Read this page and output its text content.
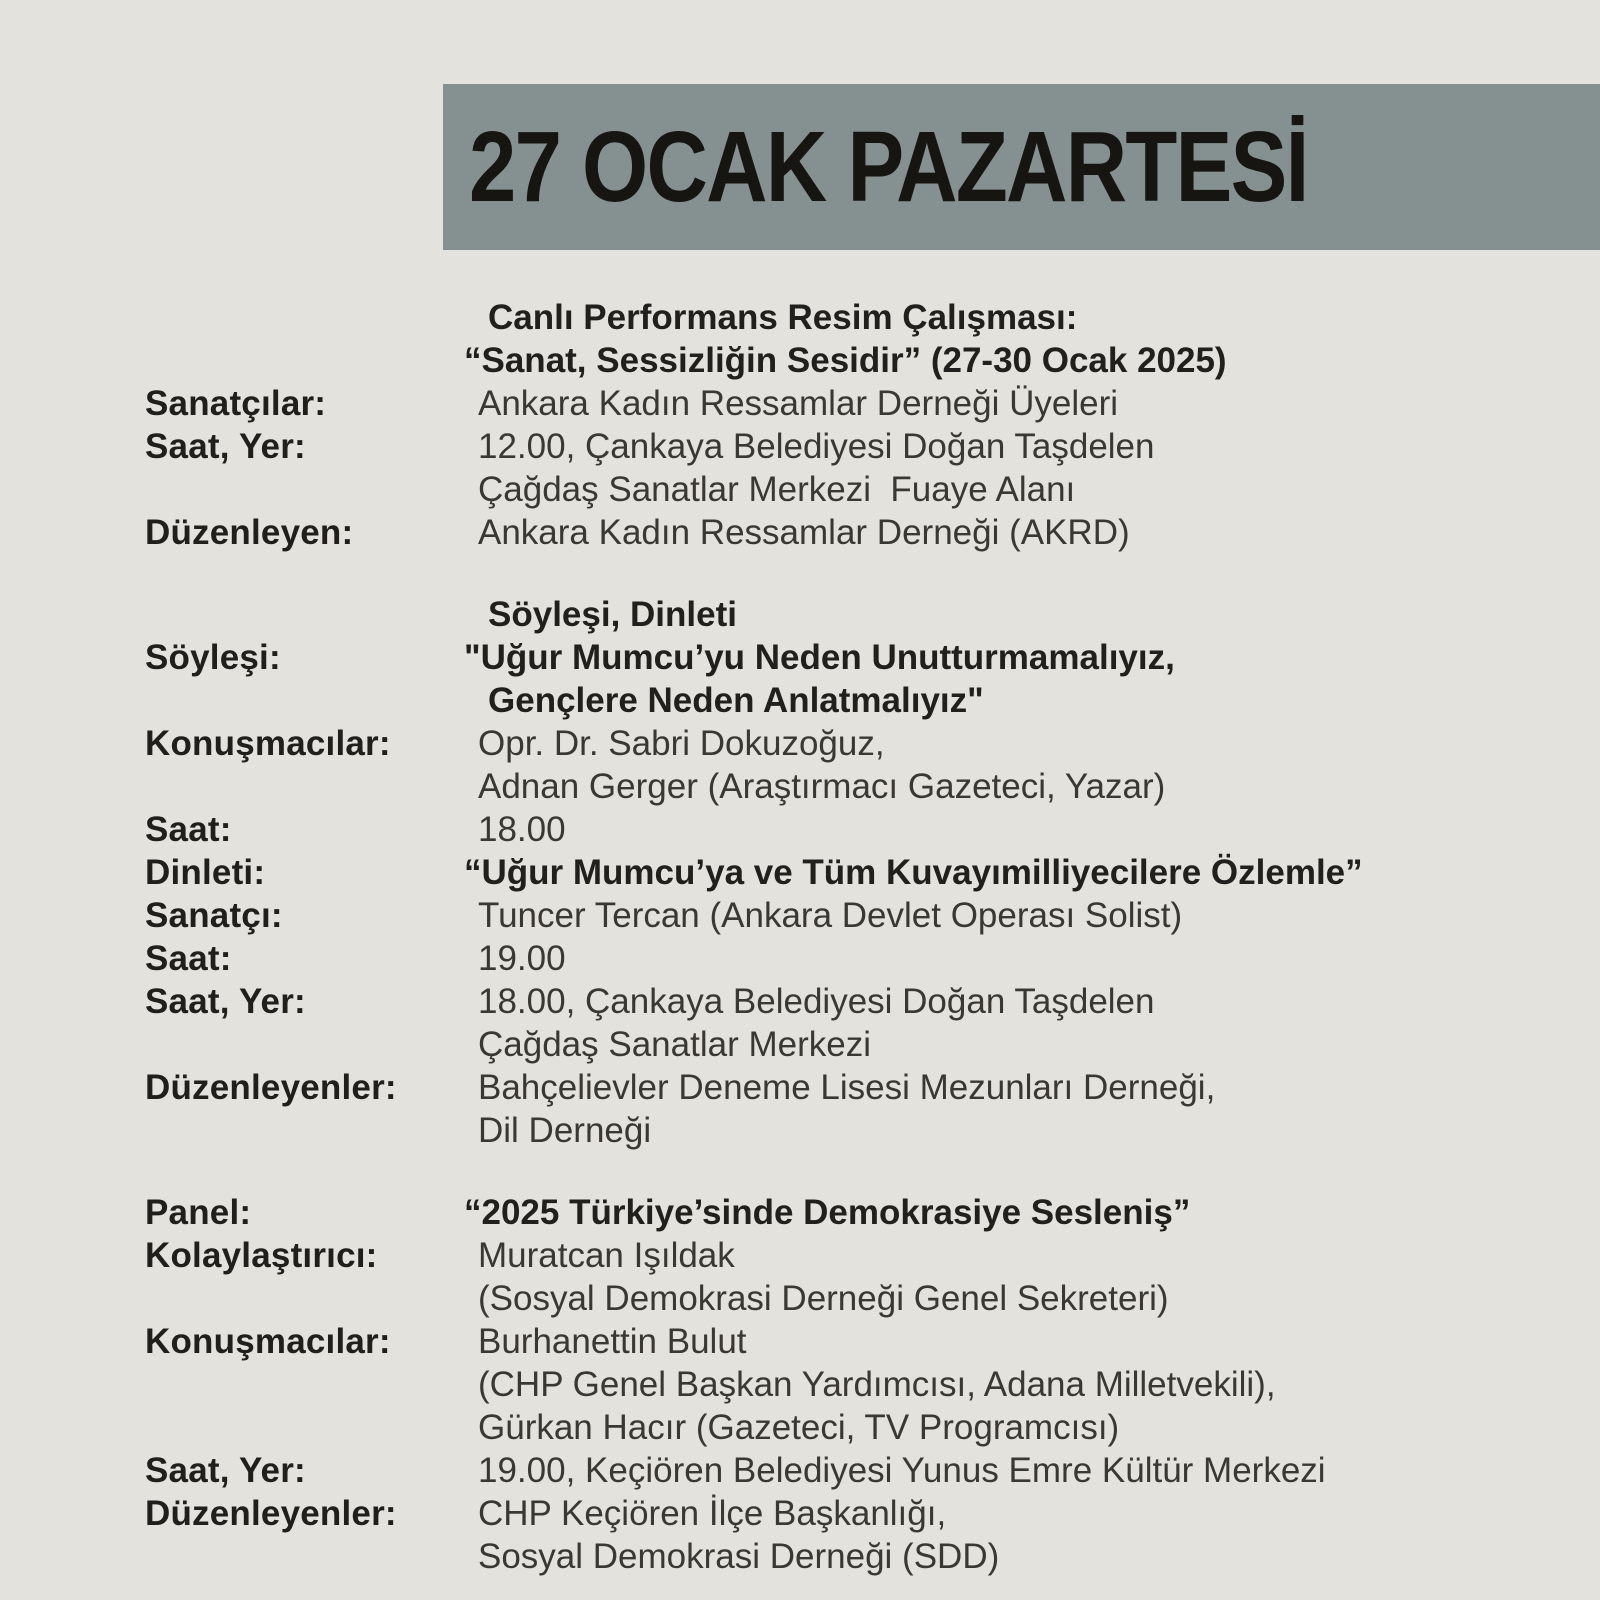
27 OCAK PAZARTESİ
Canlı Performans Resim Çalışması:
“Sanat, Sessizliğin Sesidir” (27-30 Ocak 2025)
Sanatçılar:	Ankara Kadın Ressamlar Derneği Üyeleri
Saat, Yer:	12.00, Çankaya Belediyesi Doğan Taşdelen
Çağdaş Sanatlar Merkezi  Fuaye Alanı
Düzenleyen:	Ankara Kadın Ressamlar Derneği (AKRD)
Söyleşi, Dinleti
Söyleşi:	"Uğur Mumcu’yu Neden Unutturmamalıyız,
Gençlere Neden Anlatmalıyız"
Konuşmacılar: Opr. Dr. Sabri Dokuzoğuz,
Adnan Gerger (Araştırmacı Gazeteci, Yazar)
Saat:	18.00
Dinleti:	“Uğur Mumcu’ya ve Tüm Kuvayımilliyecilere Özlemle”
Sanatçı:	Tuncer Tercan (Ankara Devlet Operası Solist)
Saat:	19.00
Saat, Yer:	18.00, Çankaya Belediyesi Doğan Taşdelen
Çağdaş Sanatlar Merkezi
Düzenleyenler: Bahçelievler Deneme Lisesi Mezunları Derneği,
Dil Derneği
Panel:	“2025 Türkiye’sinde Demokrasiye Sesleniş”
Kolaylaştırıcı:	Muratcan Işıldak
(Sosyal Demokrasi Derneği Genel Sekreteri)
Konuşmacılar: Burhanettin Bulut
(CHP Genel Başkan Yardımcısı, Adana Milletvekili),
Gürkan Hacır (Gazeteci, TV Programcısı)
Saat, Yer:	19.00, Keçiören Belediyesi Yunus Emre Kültür Merkezi
Düzenleyenler: CHP Keçiören İlçe Başkanlığı,
Sosyal Demokrasi Derneği (SDD)
